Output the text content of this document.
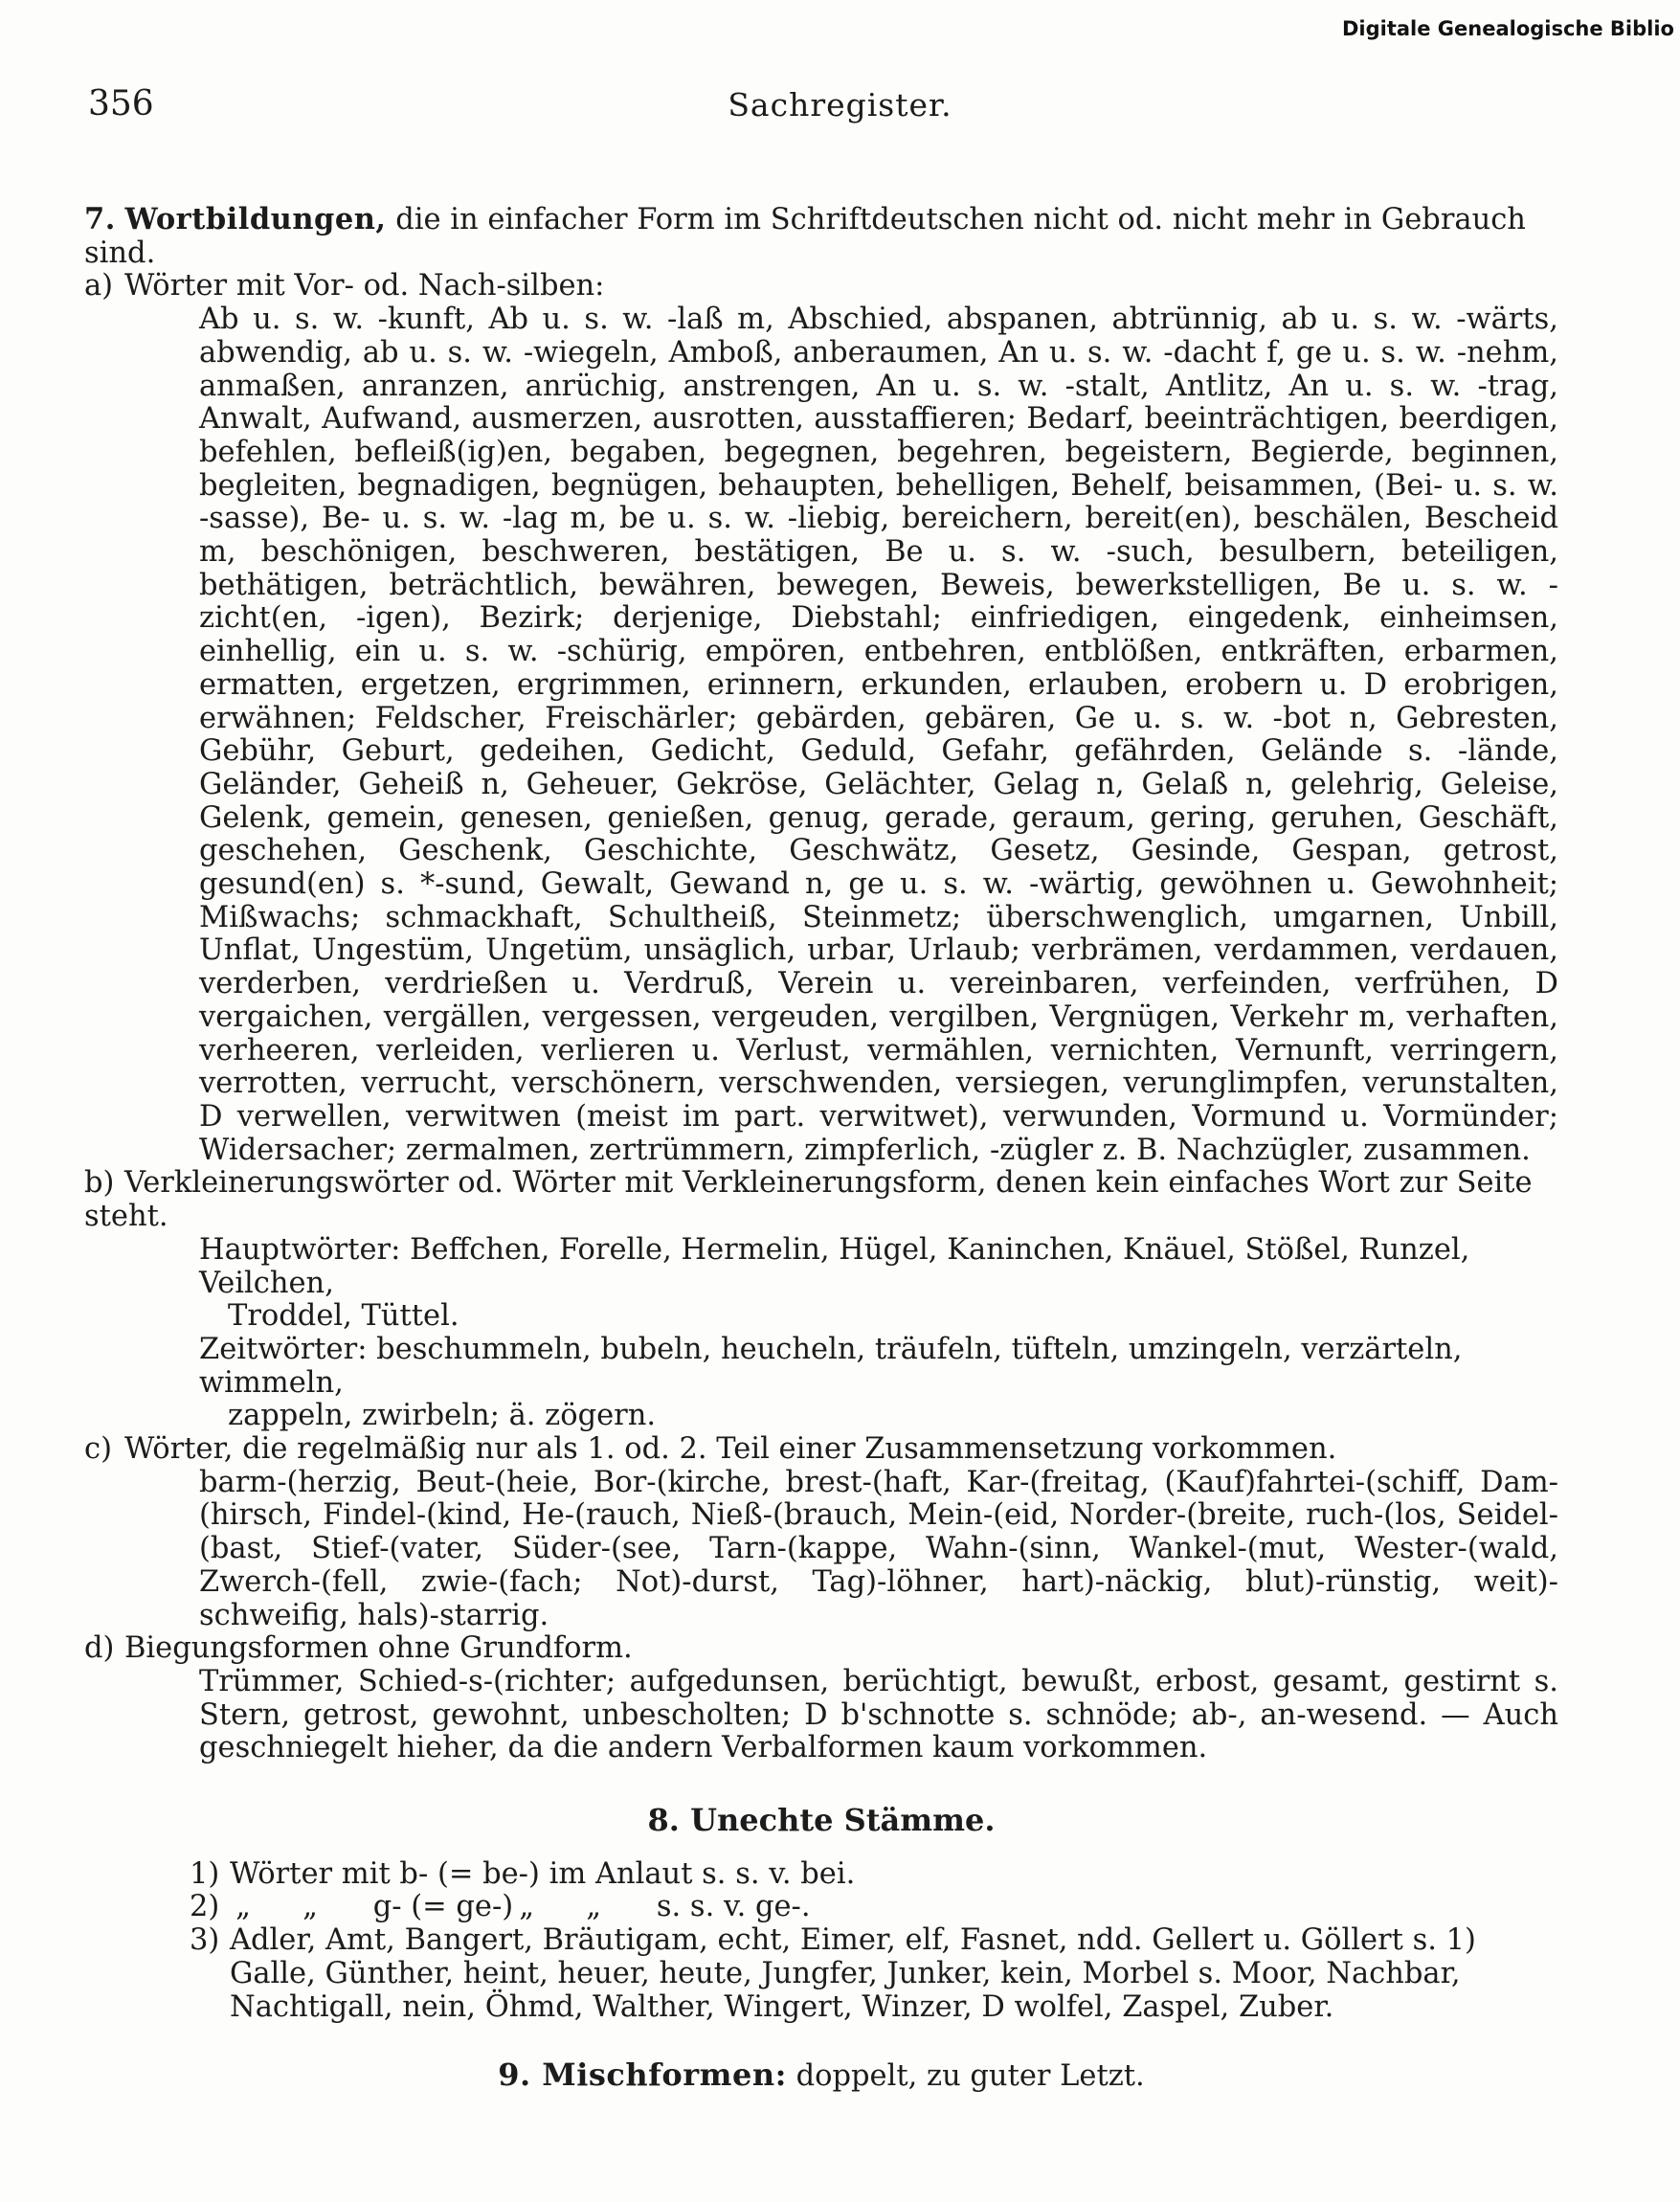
Digitale Genealogische Biblio
356	Sachregister.

7. Wortbildungen, die in einfacher Form im Schriftdeutschen nicht od. nicht mehr in Gebrauch sind.

a) Wörter mit Vor- od. Nach-silben:

Ab u. s. w. -kunft, Ab u. s. w. -laß m, Abschied, abspanen, abtrünnig, ab u. s. w. -wärts, abwendig, ab u. s. w. -wiegeln, Amboß, anberaumen, An u. s. w. -dacht f, ge u. s. w. -nehm, anmaßen, anranzen, anrüchig, anstrengen, An u. s. w. -stalt, Antlitz, An u. s. w. -trag, Anwalt, Aufwand, ausmerzen, ausrotten, ausstaffieren; Bedarf, beeinträchtigen, beerdigen, befehlen, befleiß(ig)en, begaben, begegnen, begehren, begeistern, Begierde, beginnen, begleiten, begnadigen, begnügen, behaupten, behelligen, Behelf, beisammen, (Bei- u. s. w. -sasse), Be- u. s. w. -lag m, be u. s. w. -liebig, bereichern, bereit(en), beschälen, Bescheid m, beschönigen, beschweren, bestätigen, Be u. s. w. -such, besulbern, beteiligen, bethätigen, beträchtlich, bewähren, bewegen, Beweis, bewerkstelligen, Be u. s. w. -zicht(en, -igen), Bezirk; derjenige, Diebstahl; einfriedigen, eingedenk, einheimsen, einhellig, ein u. s. w. -schürig, empören, entbehren, entblößen, entkräften, erbarmen, ermatten, ergetzen, ergrimmen, erinnern, erkunden, erlauben, erobern u. D erobrigen, erwähnen; Feldscher, Freischärler; gebärden, gebären, Ge u. s. w. -bot n, Gebresten, Gebühr, Geburt, gedeihen, Gedicht, Geduld, Gefahr, gefährden, Gelände s. -lände, Geländer, Geheiß n, Geheuer, Gekröse, Gelächter, Gelag n, Gelaß n, gelehrig, Geleise, Gelenk, gemein, genesen, genießen, genug, gerade, geraum, gering, geruhen, Geschäft, geschehen, Geschenk, Geschichte, Geschwätz, Gesetz, Gesinde, Gespan, getrost, gesund(en) s. *-sund, Gewalt, Gewand n, ge u. s. w. -wärtig, gewöhnen u. Gewohnheit; Mißwachs; schmackhaft, Schultheiß, Steinmetz; überschwenglich, umgarnen, Unbill, Unflat, Ungestüm, Ungetüm, unsäglich, urbar, Urlaub; verbrämen, verdammen, verdauen, verderben, verdrießen u. Verdruß, Verein u. vereinbaren, verfeinden, verfrühen, D vergaichen, vergällen, vergessen, vergeuden, vergilben, Vergnügen, Verkehr m, verhaften, verheeren, verleiden, verlieren u. Verlust, vermählen, vernichten, Vernunft, verringern, verrotten, verrucht, verschönern, verschwenden, versiegen, verunglimpfen, verunstalten, D verwellen, verwitwen (meist im part. verwitwet), verwunden, Vormund u. Vormünder; Widersacher; zermalmen, zertrümmern, zimpferlich, -zügler z. B. Nachzügler, zusammen.

b) Verkleinerungswörter od. Wörter mit Verkleinerungsform, denen kein einfaches Wort zur Seite steht.

Hauptwörter: Beffchen, Forelle, Hermelin, Hügel, Kaninchen, Knäuel, Stößel, Runzel, Veilchen,

Troddel, Tüttel.

Zeitwörter: beschummeln, bubeln, heucheln, träufeln, tüfteln, umzingeln, verzärteln, wimmeln,

zappeln, zwirbeln; ä. zögern.

c) Wörter, die regelmäßig nur als 1. od. 2. Teil einer Zusammensetzung vorkommen.

barm-(herzig, Beut-(heie, Bor-(kirche, brest-(haft, Kar-(freitag, (Kauf)fahrtei-(schiff, Dam-(hirsch, Findel-(kind, He-(rauch, Nieß-(brauch, Mein-(eid, Norder-(breite, ruch-(los, Seidel-(bast, Stief-(vater, Süder-(see, Tarn-(kappe, Wahn-(sinn, Wankel-(mut, Wester-(wald, Zwerch-(fell, zwie-(fach; Not)-durst, Tag)-löhner, hart)-näckig, blut)-rünstig, weit)-schweifig, hals)-starrig.

d) Biegungsformen ohne Grundform.

Trümmer, Schied-s-(richter; aufgedunsen, berüchtigt, bewußt, erbost, gesamt, gestirnt s. Stern, getrost, gewohnt, unbescholten; D b'schnotte s. schnöde; ab-, an-wesend. — Auch geschniegelt hieher, da die andern Verbalformen kaum vorkommen.

8. Unechte Stämme.

1) Wörter mit b- (= be-) im Anlaut s. s. v. bei.

2) „ „ g- (= ge-) „ „ s. s. v. ge-.

3) Adler, Amt, Bangert, Bräutigam, echt, Eimer, elf, Fasnet, ndd. Gellert u. Göllert s. 1) Galle, Günther, heint, heuer, heute, Jungfer, Junker, kein, Morbel s. Moor, Nachbar, Nachtigall, nein, Öhmd, Walther, Wingert, Winzer, D wolfel, Zaspel, Zuber.

9. Mischformen: doppelt, zu guter Letzt.
